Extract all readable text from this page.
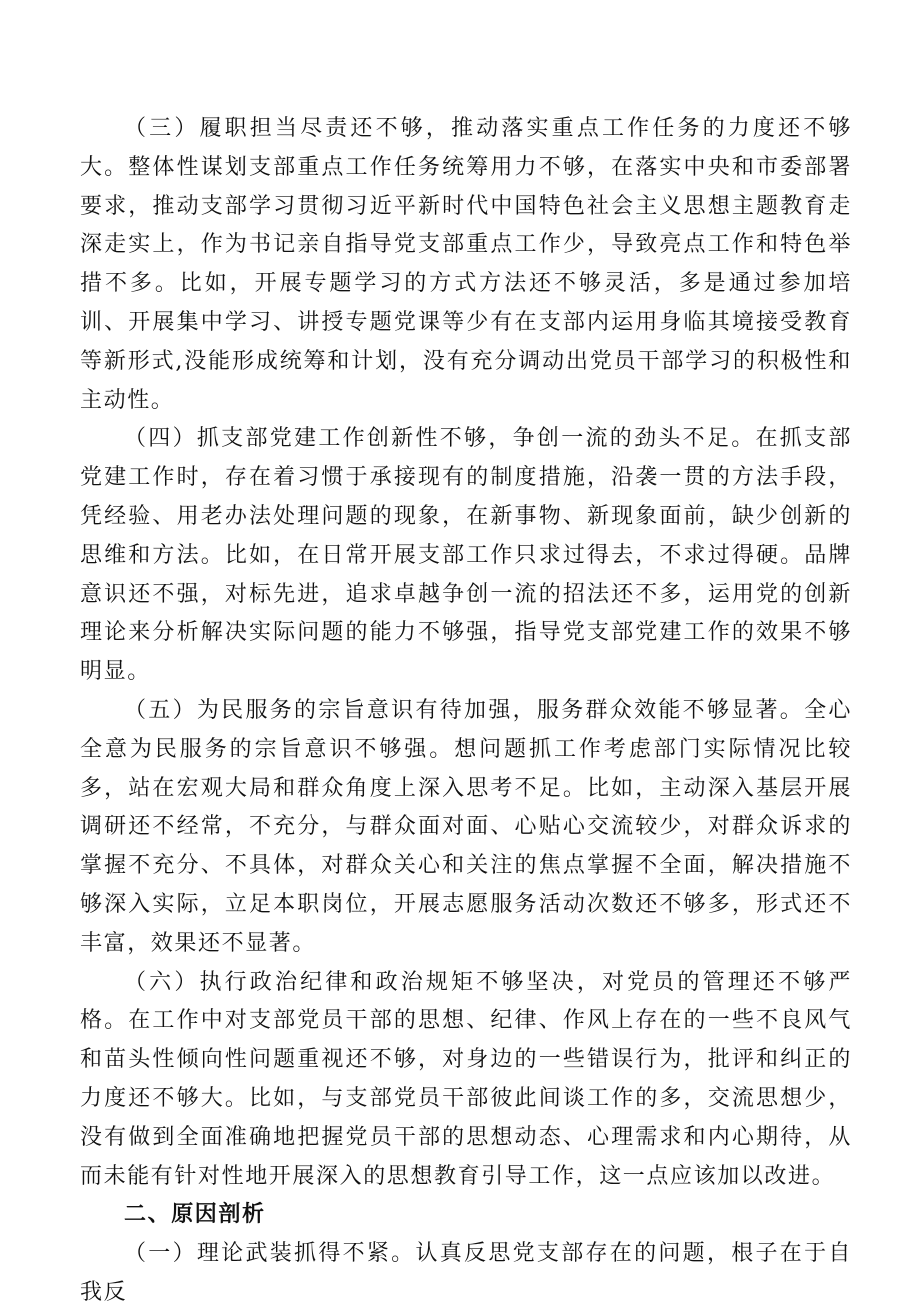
（三）履职担当尽责还不够，推动落实重点工作任务的力度还不够大。整体性谋划支部重点工作任务统筹用力不够，在落实中央和市委部署要求，推动支部学习贯彻习近平新时代中国特色社会主义思想主题教育走深走实上，作为书记亲自指导党支部重点工作少，导致亮点工作和特色举措不多。比如，开展专题学习的方式方法还不够灵活，多是通过参加培训、开展集中学习、讲授专题党课等少有在支部内运用身临其境接受教育等新形式,没能形成统筹和计划，没有充分调动出党员干部学习的积极性和主动性。

（四）抓支部党建工作创新性不够，争创一流的劲头不足。在抓支部党建工作时，存在着习惯于承接现有的制度措施，沿袭一贯的方法手段，凭经验、用老办法处理问题的现象，在新事物、新现象面前，缺少创新的思维和方法。比如，在日常开展支部工作只求过得去，不求过得硬。品牌意识还不强，对标先进，追求卓越争创一流的招法还不多，运用党的创新理论来分析解决实际问题的能力不够强，指导党支部党建工作的效果不够明显。

（五）为民服务的宗旨意识有待加强，服务群众效能不够显著。全心全意为民服务的宗旨意识不够强。想问题抓工作考虑部门实际情况比较多，站在宏观大局和群众角度上深入思考不足。比如，主动深入基层开展调研还不经常，不充分，与群众面对面、心贴心交流较少，对群众诉求的掌握不充分、不具体，对群众关心和关注的焦点掌握不全面，解决措施不够深入实际，立足本职岗位，开展志愿服务活动次数还不够多，形式还不丰富，效果还不显著。

（六）执行政治纪律和政治规矩不够坚决，对党员的管理还不够严格。在工作中对支部党员干部的思想、纪律、作风上存在的一些不良风气和苗头性倾向性问题重视还不够，对身边的一些错误行为，批评和纠正的力度还不够大。比如，与支部党员干部彼此间谈工作的多，交流思想少，没有做到全面准确地把握党员干部的思想动态、心理需求和内心期待，从而未能有针对性地开展深入的思想教育引导工作，这一点应该加以改进。

二、原因剖析

（一）理论武装抓得不紧。认真反思党支部存在的问题，根子在于自我反
